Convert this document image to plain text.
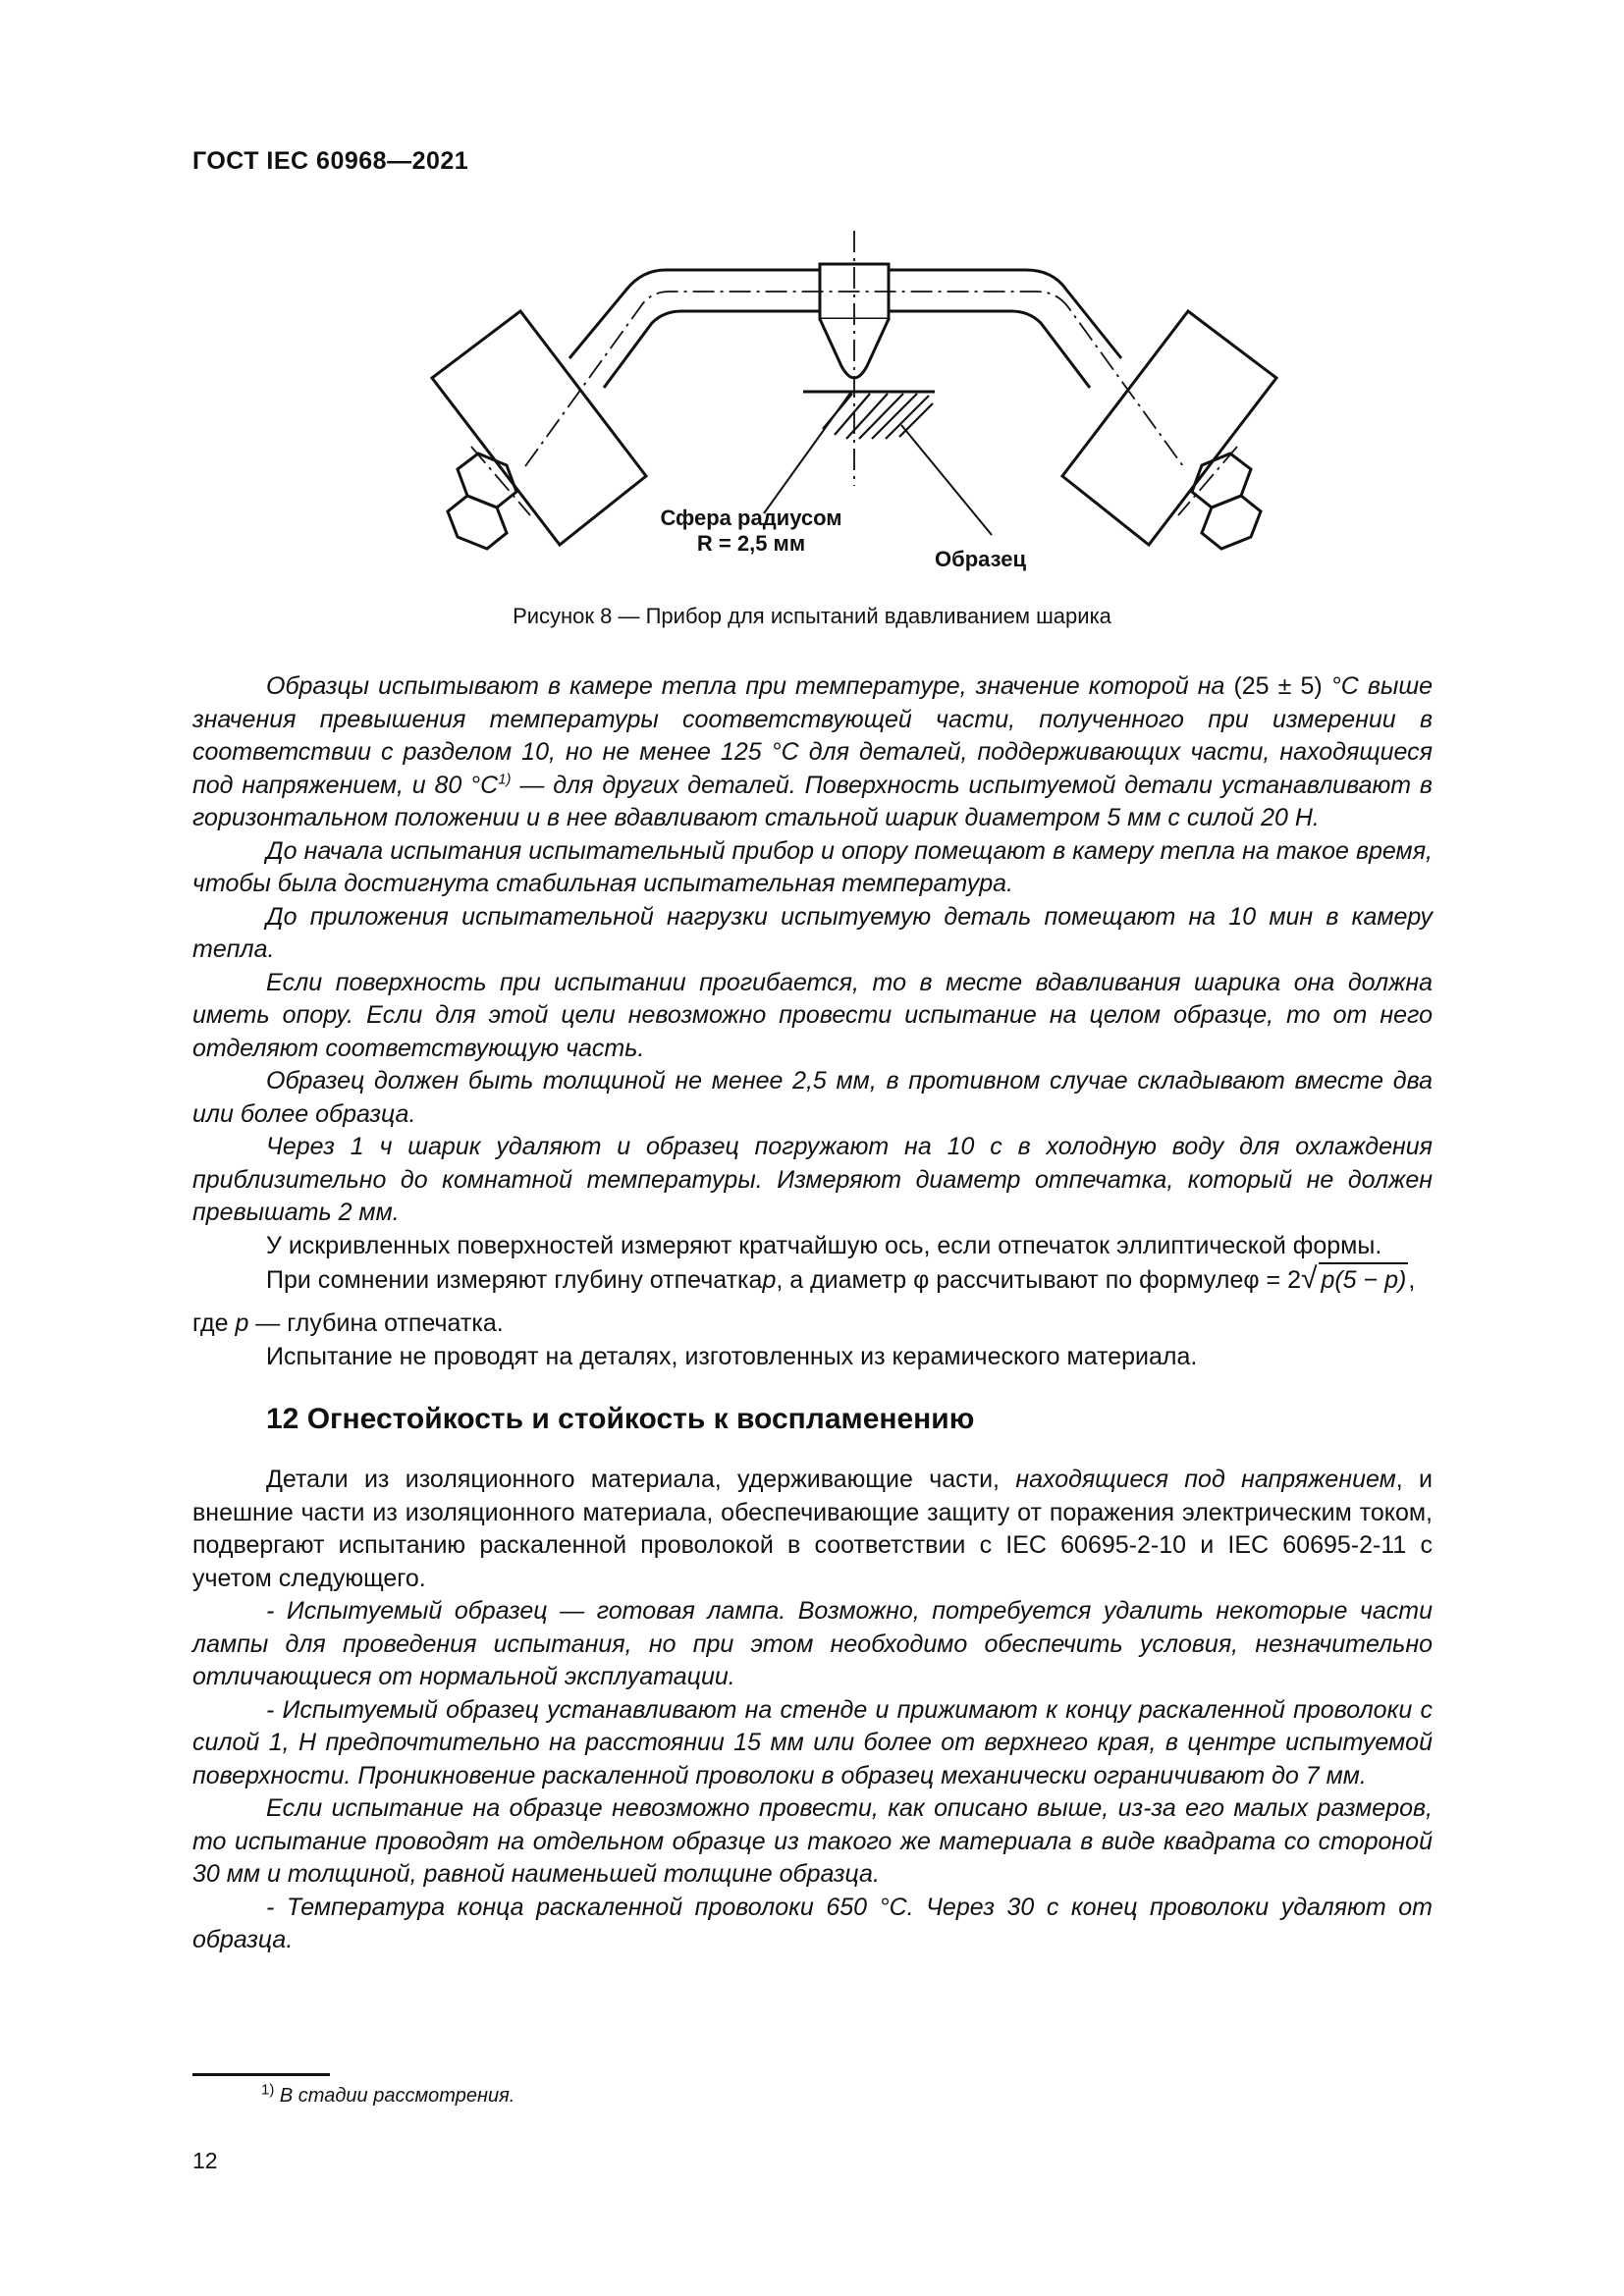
ГОСТ IEC 60968—2021
Сфера радиусом
R = 2,5 мм
Образец
Рисунок 8 — Прибор для испытаний вдавливанием шарика

Образцы испытывают в камере тепла при температуре, значение которой на (25 ± 5) °С выше значения превышения температуры соответствующей части, полученного при измерении в соответствии с разделом 10, но не менее 125 °С для деталей, поддерживающих части, находящиеся под напряжением, и 80 $^\circ С^{1)}$ — для других деталей. Поверхность испытуемой детали устанавливают в горизонтальном положении и в нее вдавливают стальной шарик диаметром 5 мм с силой 20 Н.

До начала испытания испытательный прибор и опору помещают в камеру тепла на такое время, чтобы была достигнута стабильная испытательная температура.

До приложения испытательной нагрузки испытуемую деталь помещают на 10 мин в камеру тепла.

Если поверхность при испытании прогибается, то в месте вдавливания шарика она должна иметь опору. Если для этой цели невозможно провести испытание на целом образце, то от него отделяют соответствующую часть.

Образец должен быть толщиной не менее 2,5 мм, в противном случае складывают вместе два или более образца.

Через 1 ч шарик удаляют и образец погружают на 10 с в холодную воду для охлаждения приблизительно до комнатной температуры. Измеряют диаметр отпечатка, который не должен превышать 2 мм.

У искривленных поверхностей измеряют кратчайшую ось, если отпечаток эллиптической формы.

При сомнении измеряют глубину отпечатка p , а диаметр φ рассчитывают по формуле φ = 2√ p(5 − p),

где p — глубина отпечатка.

Испытание не проводят на деталях, изготовленных из керамического материала.

12 Огнестойкость и стойкость к воспламенению

Детали из изоляционного материала, удерживающие части, находящиеся под напряжением, и внешние части из изоляционного материала, обеспечивающие защиту от поражения электрическим током, подвергают испытанию раскаленной проволокой в соответствии с IEC 60695-2-10 и IEC 60695-2-11 с учетом следующего.

- Испытуемый образец — готовая лампа. Возможно, потребуется удалить некоторые части лампы для проведения испытания, но при этом необходимо обеспечить условия, незначительно отличающиеся от нормальной эксплуатации.

- Испытуемый образец устанавливают на стенде и прижимают к концу раскаленной проволоки с силой 1, Н предпочтительно на расстоянии 15 мм или более от верхнего края, в центре испытуемой поверхности. Проникновение раскаленной проволоки в образец механически ограничивают до 7 мм.

Если испытание на образце невозможно провести, как описано выше, из-за его малых размеров, то испытание проводят на отдельном образце из такого же материала в виде квадрата со стороной 30 мм и толщиной, равной наименьшей толщине образца.

- Температура конца раскаленной проволоки 650 °С. Через 30 с конец проволоки удаляют от образца.

$^{1)}$ В стадии рассмотрения.
12
